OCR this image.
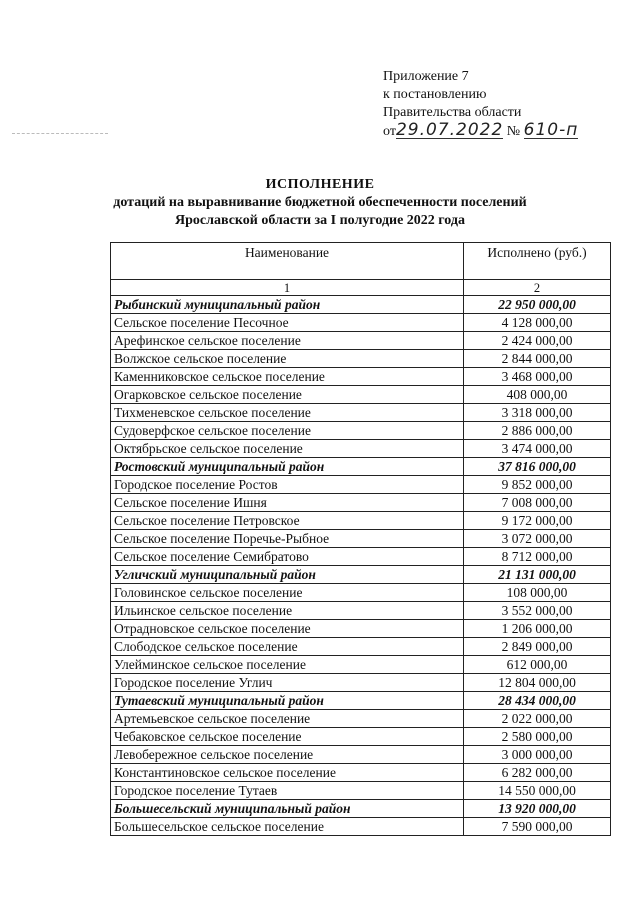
Приложение 7
к постановлению
Правительства области
от29.07.2022 № 610-п
ИСПОЛНЕНИЕ
дотаций на выравнивание бюджетной обеспеченности поселений
Ярославской области за I полугодие 2022 года
Наименование	Исполнено (руб.)
1	2
Рыбинский муниципальный район	22 950 000,00
Сельское поселение Песочное	4 128 000,00
Арефинское сельское поселение	2 424 000,00
Волжское сельское поселение	2 844 000,00
Каменниковское сельское поселение	3 468 000,00
Огарковское сельское поселение	408 000,00
Тихменевское сельское поселение	3 318 000,00
Судоверфское сельское поселение	2 886 000,00
Октябрьское сельское поселение	3 474 000,00
Ростовский муниципальный район	37 816 000,00
Городское поселение Ростов	9 852 000,00
Сельское поселение Ишня	7 008 000,00
Сельское поселение Петровское	9 172 000,00
Сельское поселение Поречье-Рыбное	3 072 000,00
Сельское поселение Семибратово	8 712 000,00
Угличский муниципальный район	21 131 000,00
Головинское сельское поселение	108 000,00
Ильинское сельское поселение	3 552 000,00
Отрадновское сельское поселение	1 206 000,00
Слободское сельское поселение	2 849 000,00
Улейминское сельское поселение	612 000,00
Городское поселение Углич	12 804 000,00
Тутаевский муниципальный район	28 434 000,00
Артемьевское сельское поселение	2 022 000,00
Чебаковское сельское поселение	2 580 000,00
Левобережное сельское поселение	3 000 000,00
Константиновское сельское поселение	6 282 000,00
Городское поселение Тутаев	14 550 000,00
Большесельский муниципальный район	13 920 000,00
Большесельское сельское поселение	7 590 000,00
